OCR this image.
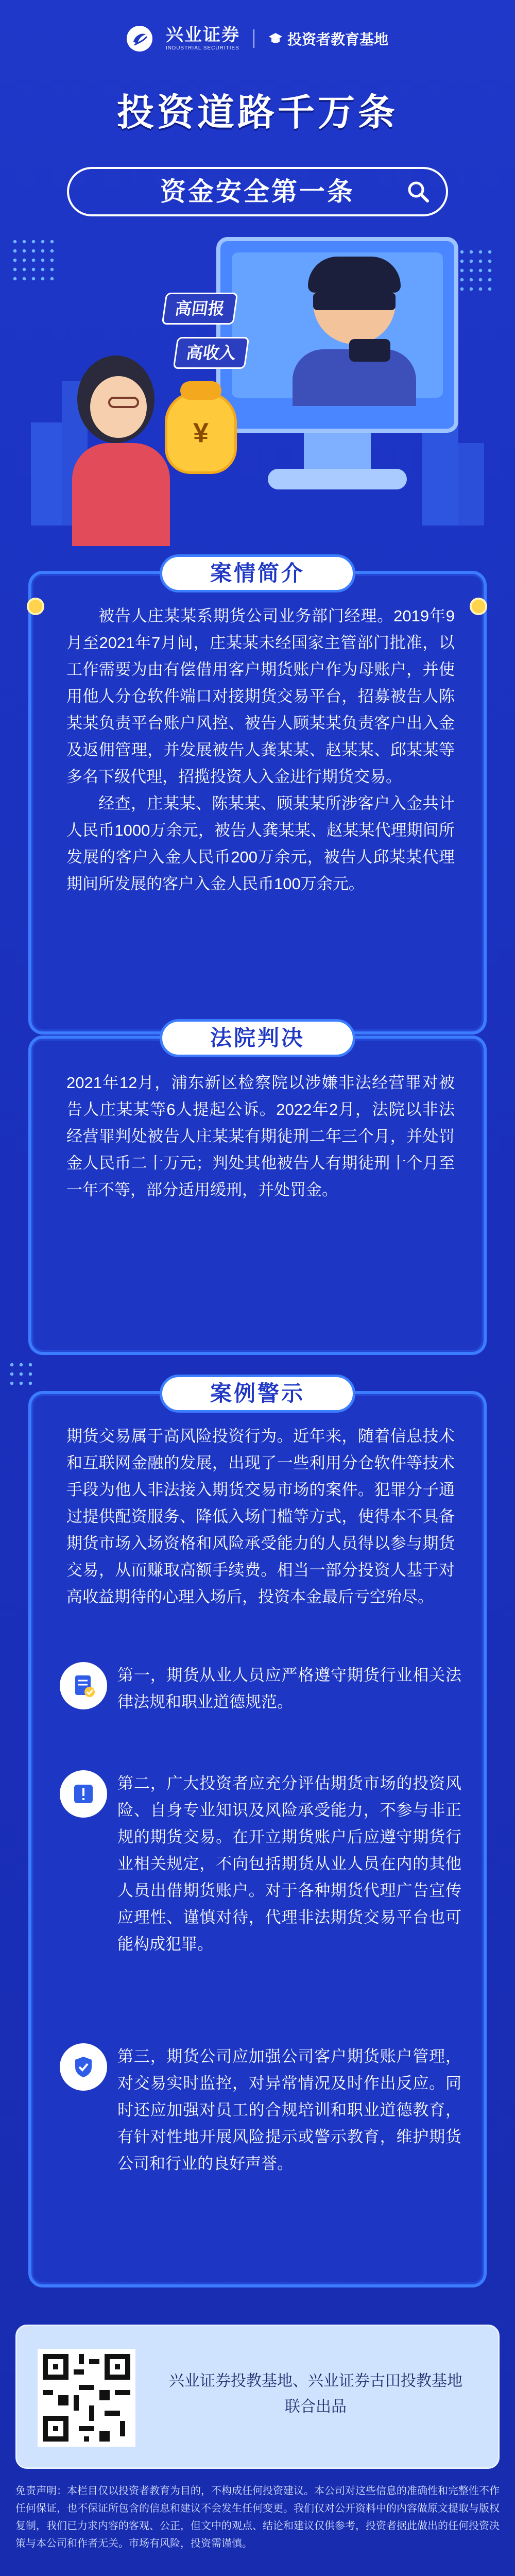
兴业证券
INDUSTRIAL SECURITIES
投资者教育基地
投资道路千万条
资金安全第一条
高回报
高收入
¥
案情简介

被告人庄某某系期货公司业务部门经理。2019年9月至2021年7月间，庄某某未经国家主管部门批准，以工作需要为由有偿借用客户期货账户作为母账户，并使用他人分仓软件端口对接期货交易平台，招募被告人陈某某负责平台账户风控、被告人顾某某负责客户出入金及返佣管理，并发展被告人龚某某、赵某某、邱某某等多名下级代理，招揽投资人入金进行期货交易。

经查，庄某某、陈某某、顾某某所涉客户入金共计人民币1000万余元，被告人龚某某、赵某某代理期间所发展的客户入金人民币200万余元，被告人邱某某代理期间所发展的客户入金人民币100万余元。

法院判决

2021年12月，浦东新区检察院以涉嫌非法经营罪对被告人庄某某等6人提起公诉。2022年2月，法院以非法经营罪判处被告人庄某某有期徒刑二年三个月，并处罚金人民币二十万元；判处其他被告人有期徒刑十个月至一年不等，部分适用缓刑，并处罚金。

案例警示

期货交易属于高风险投资行为。近年来，随着信息技术和互联网金融的发展，出现了一些利用分仓软件等技术手段为他人非法接入期货交易市场的案件。犯罪分子通过提供配资服务、降低入场门槛等方式，使得本不具备期货市场入场资格和风险承受能力的人员得以参与期货交易，从而赚取高额手续费。相当一部分投资人基于对高收益期待的心理入场后，投资本金最后亏空殆尽。

第一，期货从业人员应严格遵守期货行业相关法律法规和职业道德规范。

第二，广大投资者应充分评估期货市场的投资风险、自身专业知识及风险承受能力，不参与非正规的期货交易。在开立期货账户后应遵守期货行业相关规定，不向包括期货从业人员在内的其他人员出借期货账户。对于各种期货代理广告宣传应理性、谨慎对待，代理非法期货交易平台也可能构成犯罪。

第三，期货公司应加强公司客户期货账户管理，对交易实时监控，对异常情况及时作出反应。同时还应加强对员工的合规培训和职业道德教育，有针对性地开展风险提示或警示教育，维护期货公司和行业的良好声誉。

兴业证券投教基地、兴业证券古田投教基地

联合出品

免责声明：本栏目仅以投资者教育为目的，不构成任何投资建议。本公司对这些信息的准确性和完整性不作任何保证，也不保证所包含的信息和建议不会发生任何变更。我们仅对公开资料中的内容做原文提取与版权复制，我们已力求内容的客观、公正，但文中的观点、结论和建议仅供参考，投资者据此做出的任何投资决策与本公司和作者无关。市场有风险，投资需谨慎。
